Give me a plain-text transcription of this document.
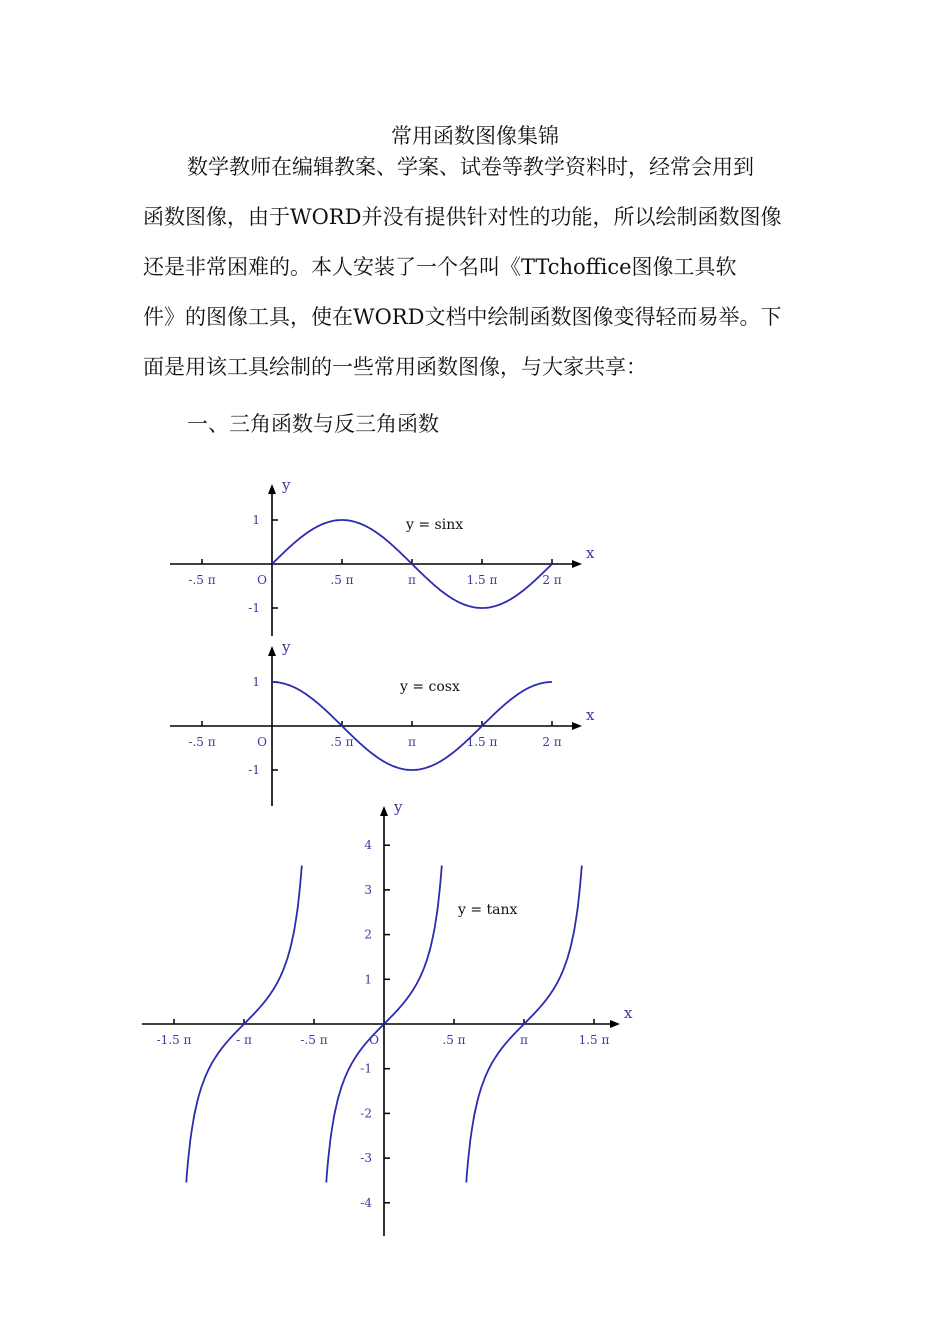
常用函数图像集锦
数学教师在编辑教案、学案、试卷等教学资料时，经常会用到
函数图像，由于WORD并没有提供针对性的功能，所以绘制函数图像
还是非常困难的。本人安装了一个名叫《TTchoffice图像工具软
件》的图像工具，使在WORD文档中绘制函数图像变得轻而易举。下
面是用该工具绘制的一些常用函数图像，与大家共享：
一、三角函数与反三角函数
x
y
O
-.5 π	.5 π	π	1.5 π	2 π
1
-1
y = sinx
x
y
O
-.5 π	.5 π	π	1.5 π	2 π
1
-1
y = cosx
x
y
O
-1.5 π	- π	-.5 π	.5 π	π	1.5 π
4
3
2
1
-1
-2
-3
-4
y = tanx
